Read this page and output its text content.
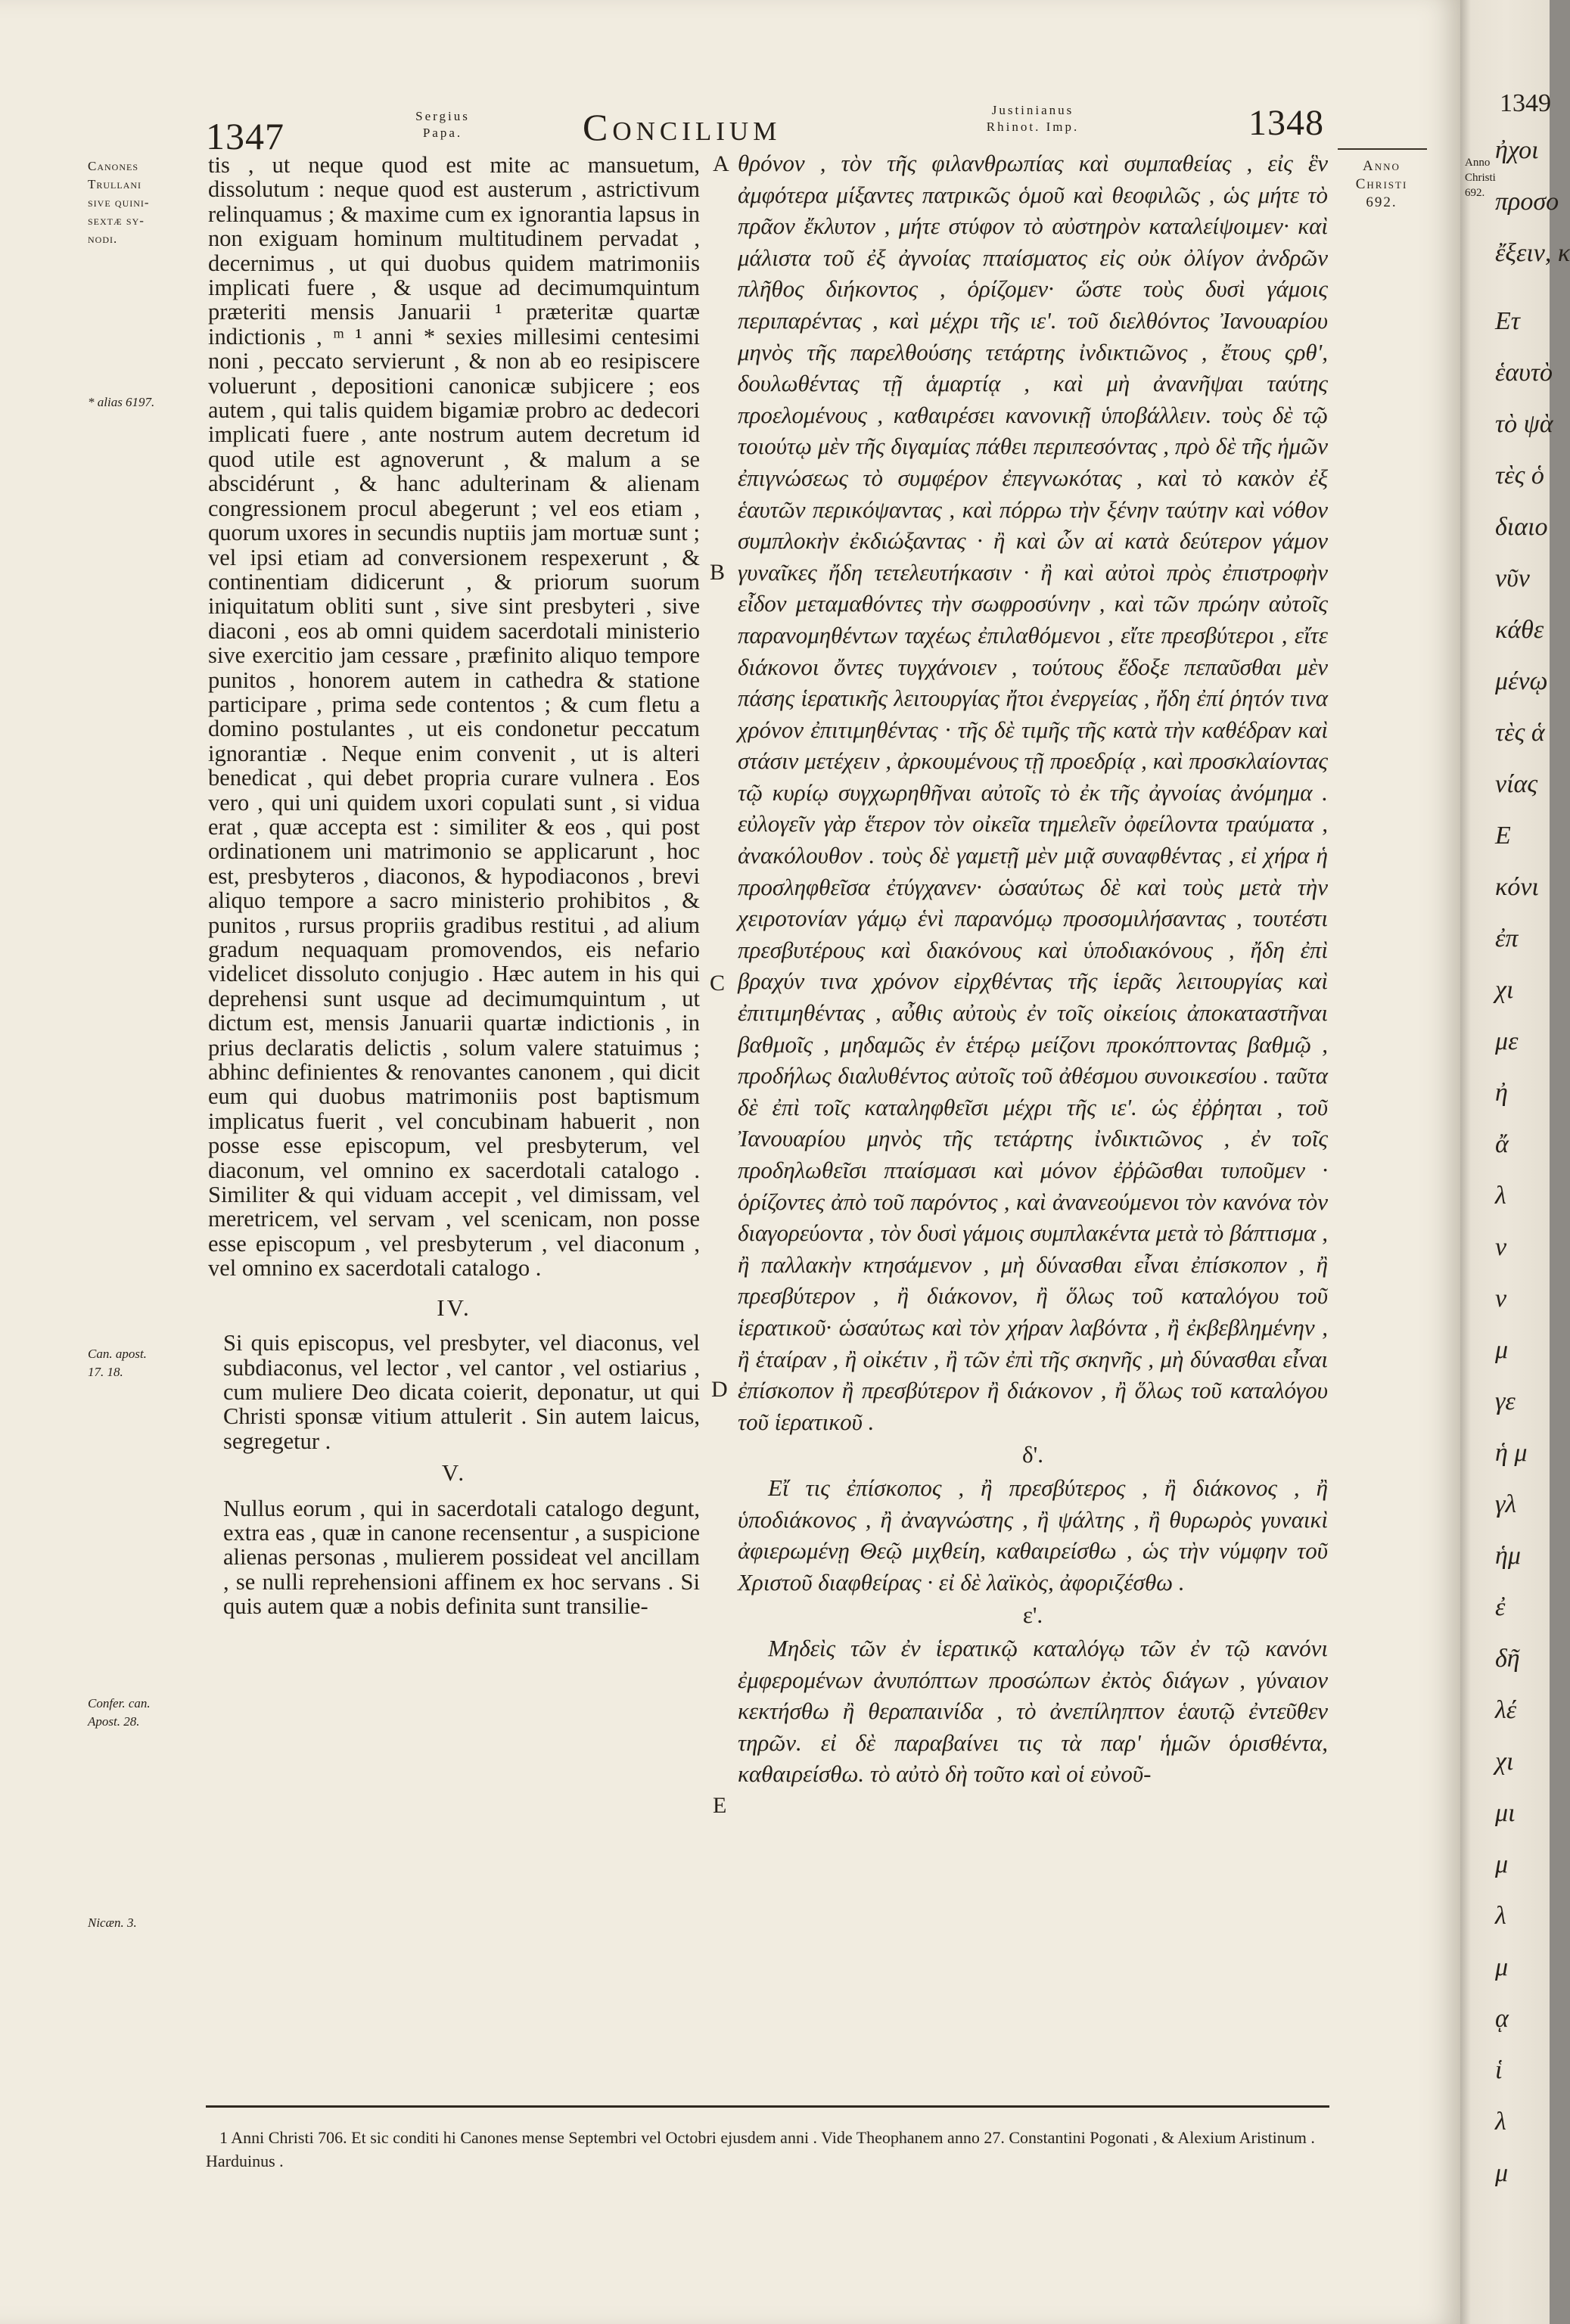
1347	Sergius
Papa.	Concilium	Justinianus
Rhinot. Imp.	1348
Anno
Christi
692.
Canones
Trullani
sive quini-
sextæ sy-
nodi.
* alias 6197.
Can. apost.
17. 18.
Confer. can.
Apost. 28.
Nicæn. 3.

tis , ut neque quod est mite ac mansuetum, dissolutum : neque quod est austerum , astrictivum relinquamus ; & maxime cum ex ignorantia lapsus in non exiguam hominum multitudinem pervadat , decernimus , ut qui duobus quidem matrimoniis implicati fuere , & usque ad decimumquintum præteriti mensis Januarii ¹ præteritæ quartæ indictionis , ᵐ ¹ anni * sexies millesimi centesimi noni , peccato servierunt , & non ab eo resipiscere voluerunt , depositioni canonicæ subjicere ; eos autem , qui talis quidem bigamiæ probro ac dedecori implicati fuere , ante nostrum autem decretum id quod utile est agnoverunt , & malum a se abscidérunt , & hanc adulterinam & alienam congressionem procul abegerunt ; vel eos etiam , quorum uxores in secundis nuptiis jam mortuæ sunt ; vel ipsi etiam ad conversionem respexerunt , & continentiam didicerunt , & priorum suorum iniquitatum obliti sunt , sive sint presbyteri , sive diaconi , eos ab omni quidem sacerdotali ministerio sive exercitio jam cessare , præfinito aliquo tempore punitos , honorem autem in cathedra & statione participare , prima sede contentos ; & cum fletu a domino postulantes , ut eis condonetur peccatum ignorantiæ . Neque enim convenit , ut is alteri benedicat , qui debet propria curare vulnera . Eos vero , qui uni quidem uxori copulati sunt , si vidua erat , quæ accepta est : similiter & eos , qui post ordinationem uni matrimonio se applicarunt , hoc est, presbyteros , diaconos, & hypodiaconos , brevi aliquo tempore a sacro ministerio prohibitos , & punitos , rursus propriis gradibus restitui , ad alium gradum nequaquam promovendos, eis nefario videlicet dissoluto conjugio . Hæc autem in his qui deprehensi sunt usque ad decimumquintum , ut dictum est, mensis Januarii quartæ indictionis , in prius declaratis delictis , solum valere statuimus ; abhinc definientes & renovantes canonem , qui dicit eum qui duobus matrimoniis post baptismum implicatus fuerit , vel concubinam habuerit , non posse esse episcopum, vel presbyterum, vel diaconum, vel omnino ex sacerdotali catalogo . Similiter & qui viduam accepit , vel dimissam, vel meretricem, vel servam , vel scenicam, non posse esse episcopum , vel presbyterum , vel diaconum , vel omnino ex sacerdotali catalogo .

IV.

Si quis episcopus, vel presbyter, vel diaconus, vel subdiaconus, vel lector , vel cantor , vel ostiarius , cum muliere Deo dicata coierit, deponatur, ut qui Christi sponsæ vitium attulerit . Sin autem laicus, segregetur .

V.

Nullus eorum , qui in sacerdotali catalogo degunt, extra eas , quæ in canone recensentur , a suspicione alienas personas , mulierem possideat vel ancillam , se nulli reprehensioni affinem ex hoc servans . Si quis autem quæ a nobis definita sunt transilie-

A
B
C
D
E

θρόνον , τὸν τῆς φιλανθρωπίας καὶ συμπαθείας , εἰς ἓν ἀμφότερα μίξαντες πατρικῶς ὁμοῦ καὶ θεοφιλῶς , ὡς μήτε τὸ πρᾶον ἔκλυτον , μήτε στύφον τὸ αὐστηρὸν καταλείψοιμεν· καὶ μάλιστα τοῦ ἐξ ἀγνοίας πταίσματος εἰς οὐκ ὀλίγον ἀνδρῶν πλῆθος διήκοντος , ὁρίζομεν· ὥστε τοὺς δυσὶ γάμοις περιπαρέντας , καὶ μέχρι τῆς ιε'. τοῦ διελθόντος Ἰανουαρίου μηνὸς τῆς παρελθούσης τετάρτης ἰνδικτιῶνος , ἔτους ςρθ', δουλωθέντας τῇ ἁμαρτίᾳ , καὶ μὴ ἀνανῆψαι ταύτης προελομένους , καθαιρέσει κανονικῇ ὑποβάλλειν. τοὺς δὲ τῷ τοιούτῳ μὲν τῆς διγαμίας πάθει περιπεσόντας , πρὸ δὲ τῆς ἡμῶν ἐπιγνώσεως τὸ συμφέρον ἐπεγνωκότας , καὶ τὸ κακὸν ἐξ ἑαυτῶν περικόψαντας , καὶ πόρρω τὴν ξένην ταύτην καὶ νόθον συμπλοκὴν ἐκδιώξαντας · ἢ καὶ ὧν αἱ κατὰ δεύτερον γάμον γυναῖκες ἤδη τετελευτήκασιν · ἢ καὶ αὐτοὶ πρὸς ἐπιστροφὴν εἶδον μεταμαθόντες τὴν σωφροσύνην , καὶ τῶν πρώην αὐτοῖς παρανομηθέντων ταχέως ἐπιλαθόμενοι , εἴτε πρεσβύτεροι , εἴτε διάκονοι ὄντες τυγχάνοιεν , τούτους ἔδοξε πεπαῦσθαι μὲν πάσης ἱερατικῆς λειτουργίας ἤτοι ἐνεργείας , ἤδη ἐπί ῥητόν τινα χρόνον ἐπιτιμηθέντας · τῆς δὲ τιμῆς τῆς κατὰ τὴν καθέδραν καὶ στάσιν μετέχειν , ἀρκουμένους τῇ προεδρίᾳ , καὶ προσκλαίοντας τῷ κυρίῳ συγχωρηθῆναι αὐτοῖς τὸ ἐκ τῆς ἀγνοίας ἀνόμημα . εὐλογεῖν γὰρ ἕτερον τὸν οἰκεῖα τημελεῖν ὀφείλοντα τραύματα , ἀνακόλουθον . τοὺς δὲ γαμετῇ μὲν μιᾷ συναφθέντας , εἰ χήρα ἡ προσληφθεῖσα ἐτύγχανεν· ὡσαύτως δὲ καὶ τοὺς μετὰ τὴν χειροτονίαν γάμῳ ἑνὶ παρανόμῳ προσομιλήσαντας , τουτέστι πρεσβυτέρους καὶ διακόνους καὶ ὑποδιακόνους , ἤδη ἐπὶ βραχύν τινα χρόνον εἰρχθέντας τῆς ἱερᾶς λειτουργίας καὶ ἐπιτιμηθέντας , αὖθις αὐτοὺς ἐν τοῖς οἰκείοις ἀποκαταστῆναι βαθμοῖς , μηδαμῶς ἐν ἑτέρῳ μείζονι προκόπτοντας βαθμῷ , προδήλως διαλυθέντος αὐτοῖς τοῦ ἀθέσμου συνοικεσίου . ταῦτα δὲ ἐπὶ τοῖς καταληφθεῖσι μέχρι τῆς ιε'. ὡς ἐῤῥηται , τοῦ Ἰανουαρίου μηνὸς τῆς τετάρτης ἰνδικτιῶνος , ἐν τοῖς προδηλωθεῖσι πταίσμασι καὶ μόνον ἐῤῥῶσθαι τυποῦμεν · ὁρίζοντες ἀπὸ τοῦ παρόντος , καὶ ἀνανεούμενοι τὸν κανόνα τὸν διαγορεύοντα , τὸν δυσὶ γάμοις συμπλακέντα μετὰ τὸ βάπτισμα , ἢ παλλακὴν κτησάμενον , μὴ δύνασθαι εἶναι ἐπίσκοπον , ἢ πρεσβύτερον , ἢ διάκονον, ἢ ὅλως τοῦ καταλόγου τοῦ ἱερατικοῦ· ὡσαύτως καὶ τὸν χήραν λαβόντα , ἢ ἐκβεβλημένην , ἢ ἑταίραν , ἢ οἰκέτιν , ἢ τῶν ἐπὶ τῆς σκηνῆς , μὴ δύνασθαι εἶναι ἐπίσκοπον ἢ πρεσβύτερον ἢ διάκονον , ἢ ὅλως τοῦ καταλόγου τοῦ ἱερατικοῦ .

δ'.

Εἴ τις ἐπίσκοπος , ἢ πρεσβύτερος , ἢ διάκονος , ἢ ὑποδιάκονος , ἢ ἀναγνώστης , ἢ ψάλτης , ἢ θυρωρὸς γυναικὶ ἀφιερωμένῃ Θεῷ μιχθείη, καθαιρείσθω , ὡς τὴν νύμφην τοῦ Χριστοῦ διαφθείρας · εἰ δὲ λαϊκὸς, ἀφοριζέσθω .

ε'.

Μηδεὶς τῶν ἐν ἱερατικῷ καταλόγῳ τῶν ἐν τῷ κανόνι ἐμφερομένων ἀνυπόπτων προσώπων ἐκτὸς διάγων , γύναιον κεκτήσθω ἢ θεραπαινίδα , τὸ ἀνεπίληπτον ἑαυτῷ ἐντεῦθεν τηρῶν. εἰ δὲ παραβαίνει τις τὰ παρ' ἡμῶν ὁρισθέντα, καθαιρείσθω. τὸ αὐτὸ δὴ τοῦτο καὶ οἱ εὐνοῦ-

1 Anni Christi 706. Et sic conditi hi Canones mense Septembri vel Octobri ejusdem anni . Vide Theophanem anno 27. Constantini Pogonati , & Alexium Aristinum . Harduinus .

1349
Anno
Christi
692.
ἠχοι
προσο
ἔξειν, κ
Ετ
ἑαυτὸ
τὸ ψὰ
τὲς ὁ
διαιο
νῦν
κάθε
μένῳ
τὲς ἁ
νίας
Ε
κόνι
ἐπ
χι
με
ἠ
ἄ
λ
ν
ν
μ
γε
ἡ μ
γλ
ἡμ
ἐ
δῆ
λέ
χι
μι
μ
λ
μ
ᾳ
ἱ
λ
μ
